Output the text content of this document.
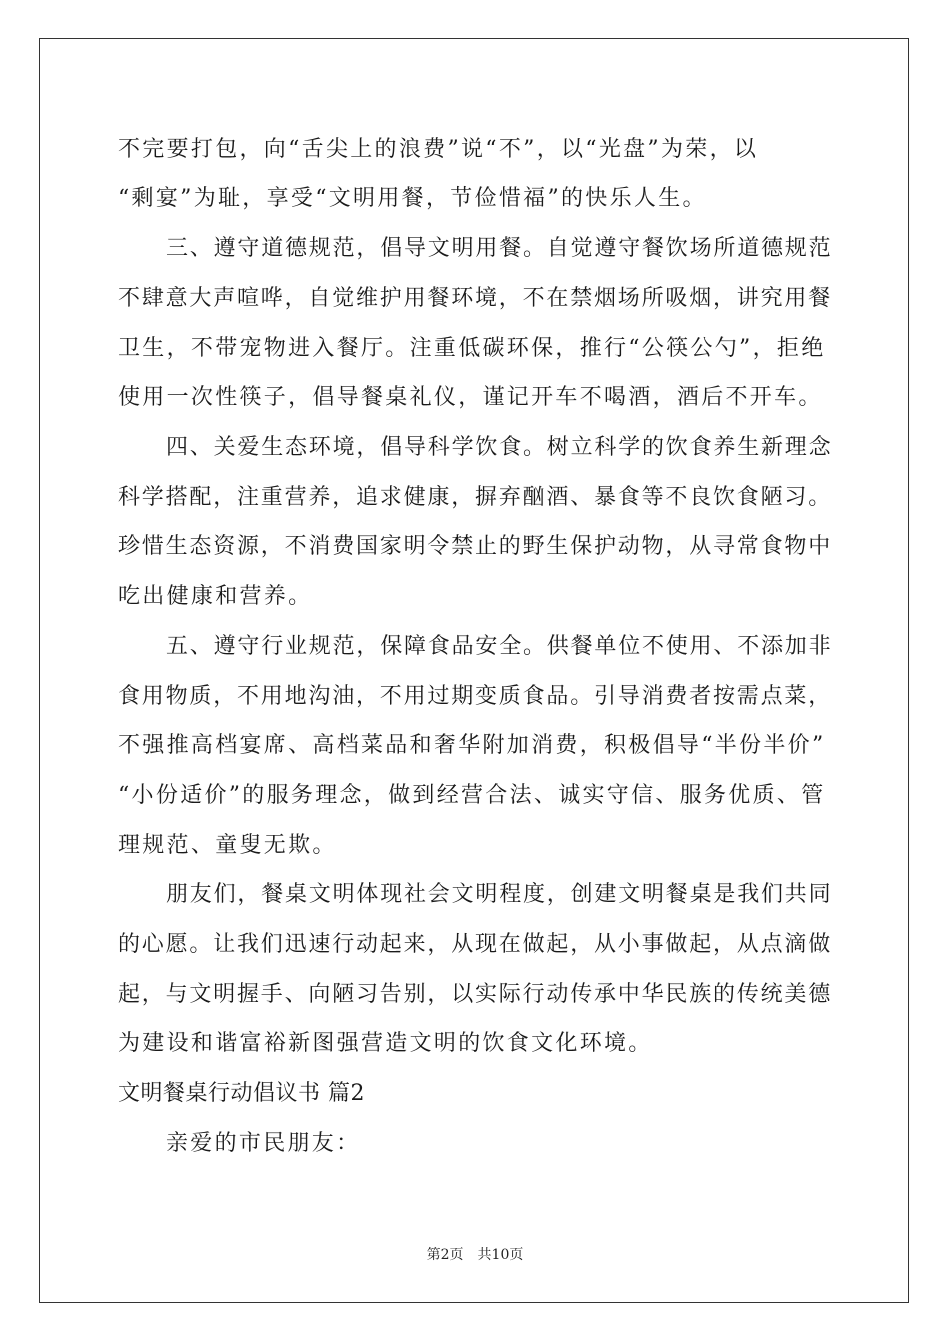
不完要打包，向“舌尖上的浪费”说“不”，以“光盘”为荣，以
“剩宴”为耻，享受“文明用餐，节俭惜福”的快乐人生。
三、遵守道德规范，倡导文明用餐。自觉遵守餐饮场所道德规范
不肆意大声喧哗，自觉维护用餐环境，不在禁烟场所吸烟，讲究用餐
卫生，不带宠物进入餐厅。注重低碳环保，推行“公筷公勺”，拒绝
使用一次性筷子，倡导餐桌礼仪，谨记开车不喝酒，酒后不开车。
四、关爱生态环境，倡导科学饮食。树立科学的饮食养生新理念
科学搭配，注重营养，追求健康，摒弃酗酒、暴食等不良饮食陋习。
珍惜生态资源，不消费国家明令禁止的野生保护动物，从寻常食物中
吃出健康和营养。
五、遵守行业规范，保障食品安全。供餐单位不使用、不添加非
食用物质，不用地沟油，不用过期变质食品。引导消费者按需点菜，
不强推高档宴席、高档菜品和奢华附加消费，积极倡导“半份半价”
“小份适价”的服务理念，做到经营合法、诚实守信、服务优质、管
理规范、童叟无欺。
朋友们，餐桌文明体现社会文明程度，创建文明餐桌是我们共同
的心愿。让我们迅速行动起来，从现在做起，从小事做起，从点滴做
起，与文明握手、向陋习告别，以实际行动传承中华民族的传统美德
为建设和谐富裕新图强营造文明的饮食文化环境。
文明餐桌行动倡议书 篇2
亲爱的市民朋友：
第2页 共10页
